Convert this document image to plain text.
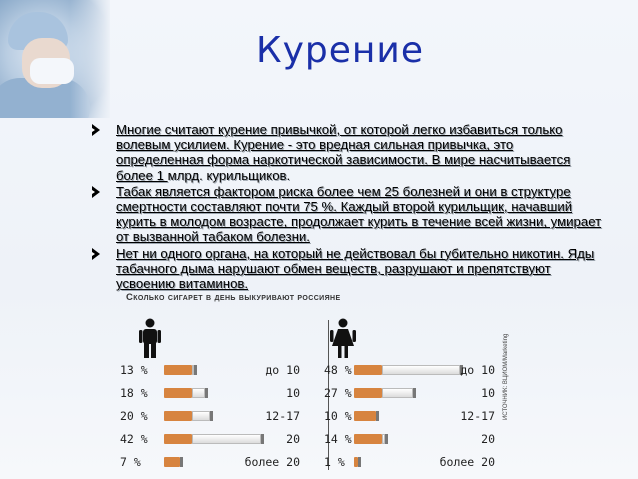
Курение
Многие считают курение привычкой, от которой легко избавиться только волевым усилием. Курение - это вредная сильная привычка, это определенная форма наркотической зависимости. В мире насчитывается более 1 млрд. курильщиков.
Табак является фактором риска более чем 25 болезней и они в структуре смертности составляют почти 75 %. Каждый второй курильщик, начавший курить в молодом возрасте, продолжает курить в течение всей жизни, умирает от вызванной табаком болезни.
Нет ни одного органа, на который не действовал бы губительно никотин. Яды табачного дыма нарушают обмен веществ, разрушают и препятствуют усвоению витаминов.
Сколько сигарет в день выкуривают россияне
13 %	до 10 48 %	до 10
18 %	10 27 %	10
20 %	12-17 10 %	12-17
42 %	20 14 %	20
7 %	более 20 1 %	более 20
ИСТОЧНИК: ВЦИОМ/Marketing
